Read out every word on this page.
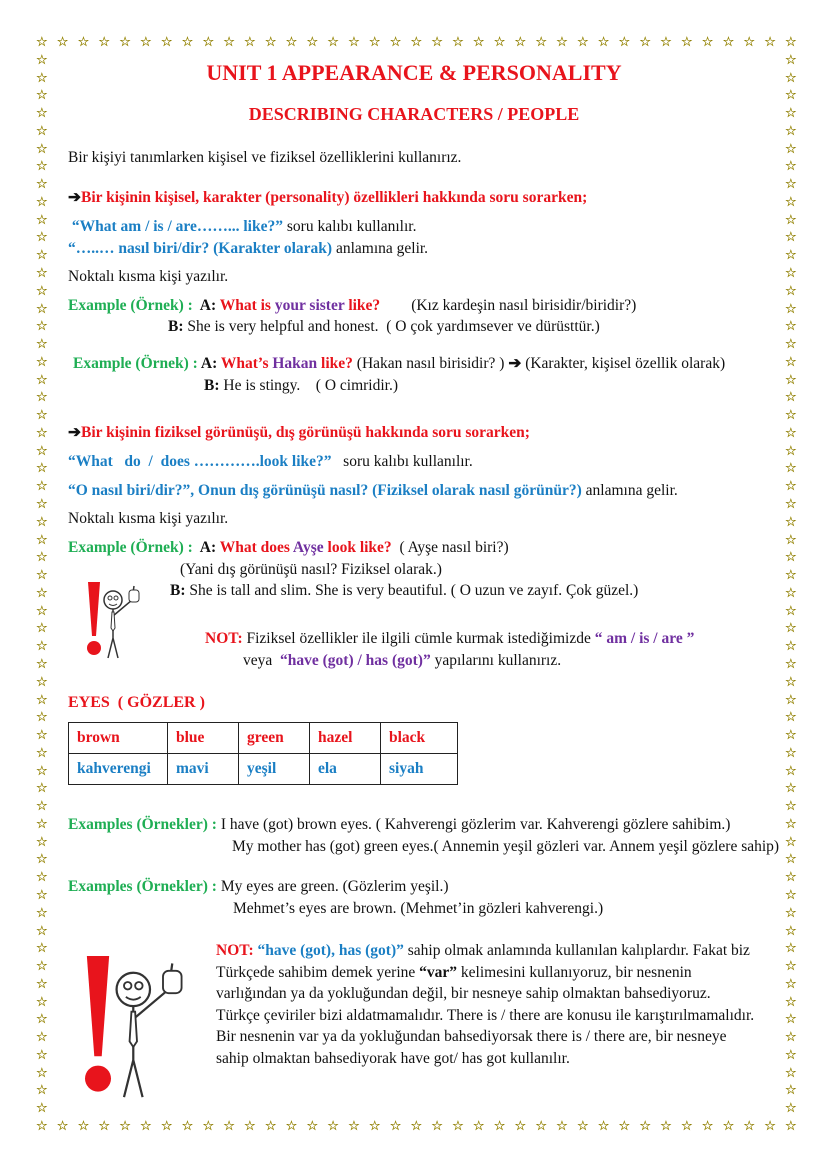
☆
☆
☆
☆
☆
☆
☆
☆
☆
☆
☆
☆
☆
☆
☆
☆
☆
☆
☆
☆
☆
☆
☆
☆
☆
☆
☆
☆
☆
☆
☆
☆
☆
☆
☆
☆
☆
☆
☆
☆
☆
☆
☆
☆
☆
☆
☆
☆
☆
☆
☆
☆
☆
☆
☆
☆
☆
☆
☆
☆
☆
☆
☆
☆
☆
☆
☆
☆
☆
☆
☆
☆
☆
☆
☆	☆
☆	☆
☆	☆
☆	☆
☆	☆
☆	☆
☆	☆
☆	☆
☆	☆
☆	☆
☆	☆
☆	☆
☆	☆
☆	☆
☆	☆
☆	☆
☆	☆
☆	☆
☆	☆
☆	☆
☆	☆
☆	☆
☆	☆
☆	☆
☆	☆
☆	☆
☆	☆
☆	☆
☆	☆
☆	☆
☆	☆
☆	☆
☆	☆
☆	☆
☆	☆
☆	☆
☆	☆
☆	☆
☆	☆
☆	☆
☆	☆
☆	☆
☆	☆
☆	☆
☆	☆
☆	☆
☆	☆
☆	☆
☆	☆
☆	☆
☆	☆
☆	☆
☆	☆
☆	☆
☆	☆
☆	☆
☆	☆
☆	☆
☆	☆
☆	☆
UNIT 1 APPEARANCE & PERSONALITY
DESCRIBING CHARACTERS / PEOPLE
Bir kişiyi tanımlarken kişisel ve fiziksel özelliklerini kullanırız.
➔Bir kişinin kişisel, karakter (personality) özellikleri hakkında soru sorarken;
“What am / is / are……... like?” soru kalıbı kullanılır.
“…..… nasıl biri/dir? (Karakter olarak) anlamına gelir.
Noktalı kısma kişi yazılır.
Example (Örnek) :  A: What is your sister like?        (Kız kardeşin nasıl birisidir/biridir?)
B: She is very helpful and honest.  ( O çok yardımsever ve dürüsttür.)
Example (Örnek) : A: What’s Hakan like? (Hakan nasıl birisidir? ) ➔ (Karakter, kişisel özellik olarak)
B: He is stingy.    ( O cimridir.)
➔Bir kişinin fiziksel görünüşü, dış görünüşü hakkında soru sorarken;
“What   do  /  does ………….look like?”   soru kalıbı kullanılır.
“O nasıl biri/dir?”, Onun dış görünüşü nasıl? (Fiziksel olarak nasıl görünür?) anlamına gelir.
Noktalı kısma kişi yazılır.
Example (Örnek) :  A: What does Ayşe look like?  ( Ayşe nasıl biri?)
(Yani dış görünüşü nasıl? Fiziksel olarak.)
B: She is tall and slim. She is very beautiful. ( O uzun ve zayıf. Çok güzel.)
NOT: Fiziksel özellikler ile ilgili cümle kurmak istediğimizde “ am / is / are ”
veya  “have (got) / has (got)” yapılarını kullanırız.
EYES  ( GÖZLER )
Examples (Örnekler) : I have (got) brown eyes. ( Kahverengi gözlerim var. Kahverengi gözlere sahibim.)
My mother has (got) green eyes.( Annemin yeşil gözleri var. Annem yeşil gözlere sahip)
Examples (Örnekler) : My eyes are green. (Gözlerim yeşil.)
Mehmet’s eyes are brown. (Mehmet’in gözleri kahverengi.)
brown	blue	green	hazel	black
kahverengi	mavi	yeşil	ela	siyah
NOT: “have (got), has (got)” sahip olmak anlamında kullanılan kalıplardır. Fakat biz Türkçede sahibim demek yerine “var” kelimesini kullanıyoruz, bir nesnenin varlığından ya da yokluğundan değil, bir nesneye sahip olmaktan bahsediyoruz. Türkçe çeviriler bizi aldatmamalıdır. There is / there are konusu ile karıştırılmamalıdır. Bir nesnenin var ya da yokluğundan bahsediyorsak there is / there are, bir nesneye sahip olmaktan bahsediyorak have got/ has got kullanılır.
